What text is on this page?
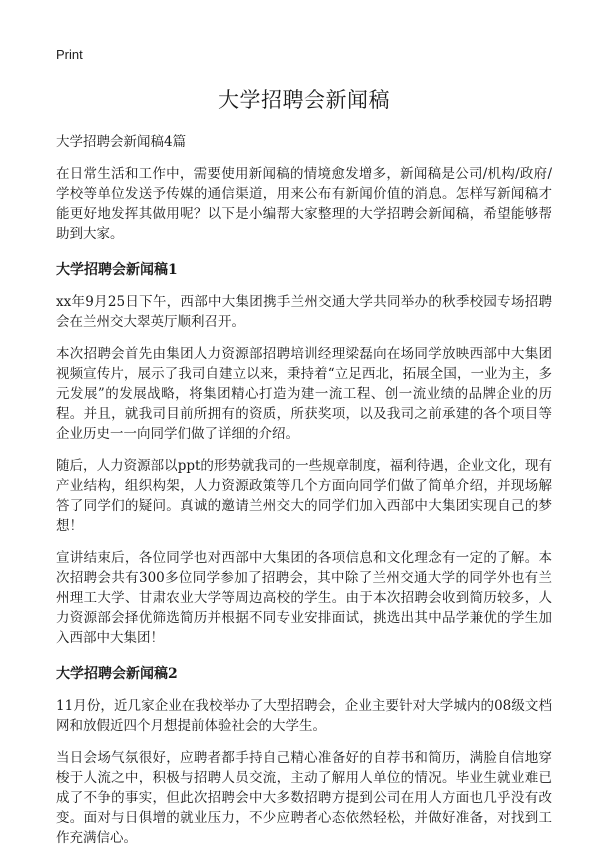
Print
大学招聘会新闻稿
大学招聘会新闻稿4篇

在日常生活和工作中，需要使用新闻稿的情境愈发增多，新闻稿是公司/机构/政府/学校等单位发送予传媒的通信渠道，用来公布有新闻价值的消息。怎样写新闻稿才能更好地发挥其做用呢？以下是小编帮大家整理的大学招聘会新闻稿，希望能够帮助到大家。

大学招聘会新闻稿1

xx年9月25日下午，西部中大集团携手兰州交通大学共同举办的秋季校园专场招聘会在兰州交大翠英厅顺利召开。

本次招聘会首先由集团人力资源部招聘培训经理梁磊向在场同学放映西部中大集团视频宣传片，展示了我司自建立以来，秉持着“立足西北，拓展全国，一业为主，多元发展”的发展战略，将集团精心打造为建一流工程、创一流业绩的品牌企业的历程。并且，就我司目前所拥有的资质，所获奖项，以及我司之前承建的各个项目等企业历史一一向同学们做了详细的介绍。

随后，人力资源部以ppt的形势就我司的一些规章制度，福利待遇，企业文化，现有产业结构，组织构架，人力资源政策等几个方面向同学们做了简单介绍，并现场解答了同学们的疑问。真诚的邀请兰州交大的同学们加入西部中大集团实现自己的梦想！

宣讲结束后，各位同学也对西部中大集团的各项信息和文化理念有一定的了解。本次招聘会共有300多位同学参加了招聘会，其中除了兰州交通大学的同学外也有兰州理工大学、甘肃农业大学等周边高校的学生。由于本次招聘会收到简历较多，人力资源部会择优筛选简历并根据不同专业安排面试，挑选出其中品学兼优的学生加入西部中大集团！

大学招聘会新闻稿2

11月份，近几家企业在我校举办了大型招聘会，企业主要针对大学城内的08级文档网和放假近四个月想提前体验社会的大学生。

当日会场气氛很好，应聘者都手持自己精心准备好的自荐书和简历，满脸自信地穿梭于人流之中，积极与招聘人员交流，主动了解用人单位的情况。毕业生就业难已成了不争的事实，但此次招聘会中大多数招聘方提到公司在用人方面也几乎没有改变。面对与日俱增的就业压力，不少应聘者心态依然轻松，并做好准备，对找到工作充满信心。
